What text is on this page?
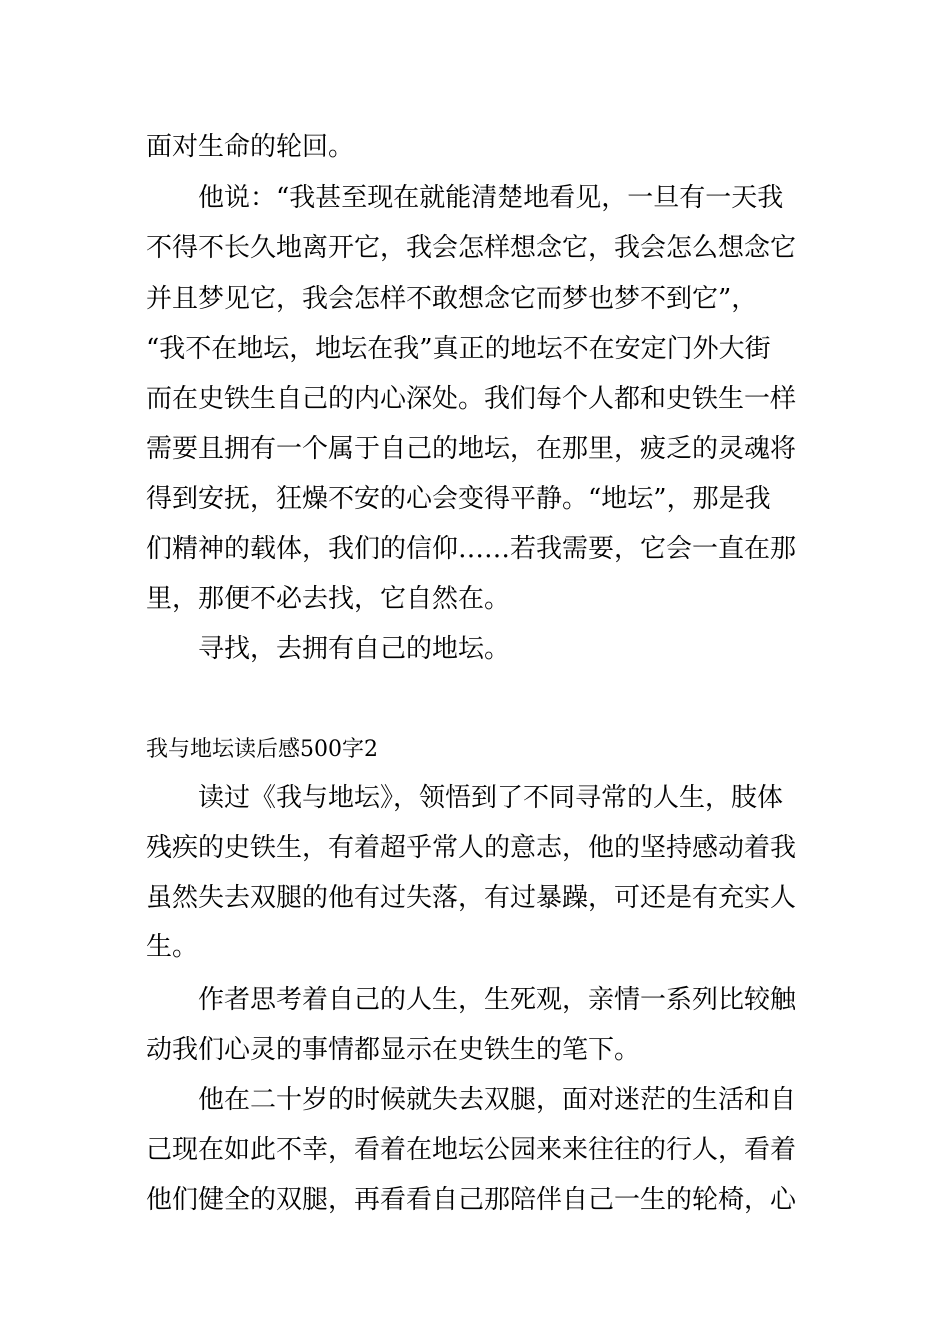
面对生命的轮回。
他说：“我甚至现在就能清楚地看见，一旦有一天我
不得不长久地离开它，我会怎样想念它，我会怎么想念它
并且梦见它，我会怎样不敢想念它而梦也梦不到它”，
“我不在地坛，地坛在我”真正的地坛不在安定门外大街
而在史铁生自己的内心深处。我们每个人都和史铁生一样
需要且拥有一个属于自己的地坛，在那里，疲乏的灵魂将
得到安抚，狂燥不安的心会变得平静。“地坛”，那是我
们精神的载体，我们的信仰……若我需要，它会一直在那
里，那便不必去找，它自然在。
寻找，去拥有自己的地坛。
我与地坛读后感500字2
读过《我与地坛》，领悟到了不同寻常的人生，肢体
残疾的史铁生，有着超乎常人的意志，他的坚持感动着我
虽然失去双腿的他有过失落，有过暴躁，可还是有充实人
生。
作者思考着自己的人生，生死观，亲情一系列比较触
动我们心灵的事情都显示在史铁生的笔下。
他在二十岁的时候就失去双腿，面对迷茫的生活和自
己现在如此不幸，看着在地坛公园来来往往的行人，看着
他们健全的双腿，再看看自己那陪伴自己一生的轮椅，心
